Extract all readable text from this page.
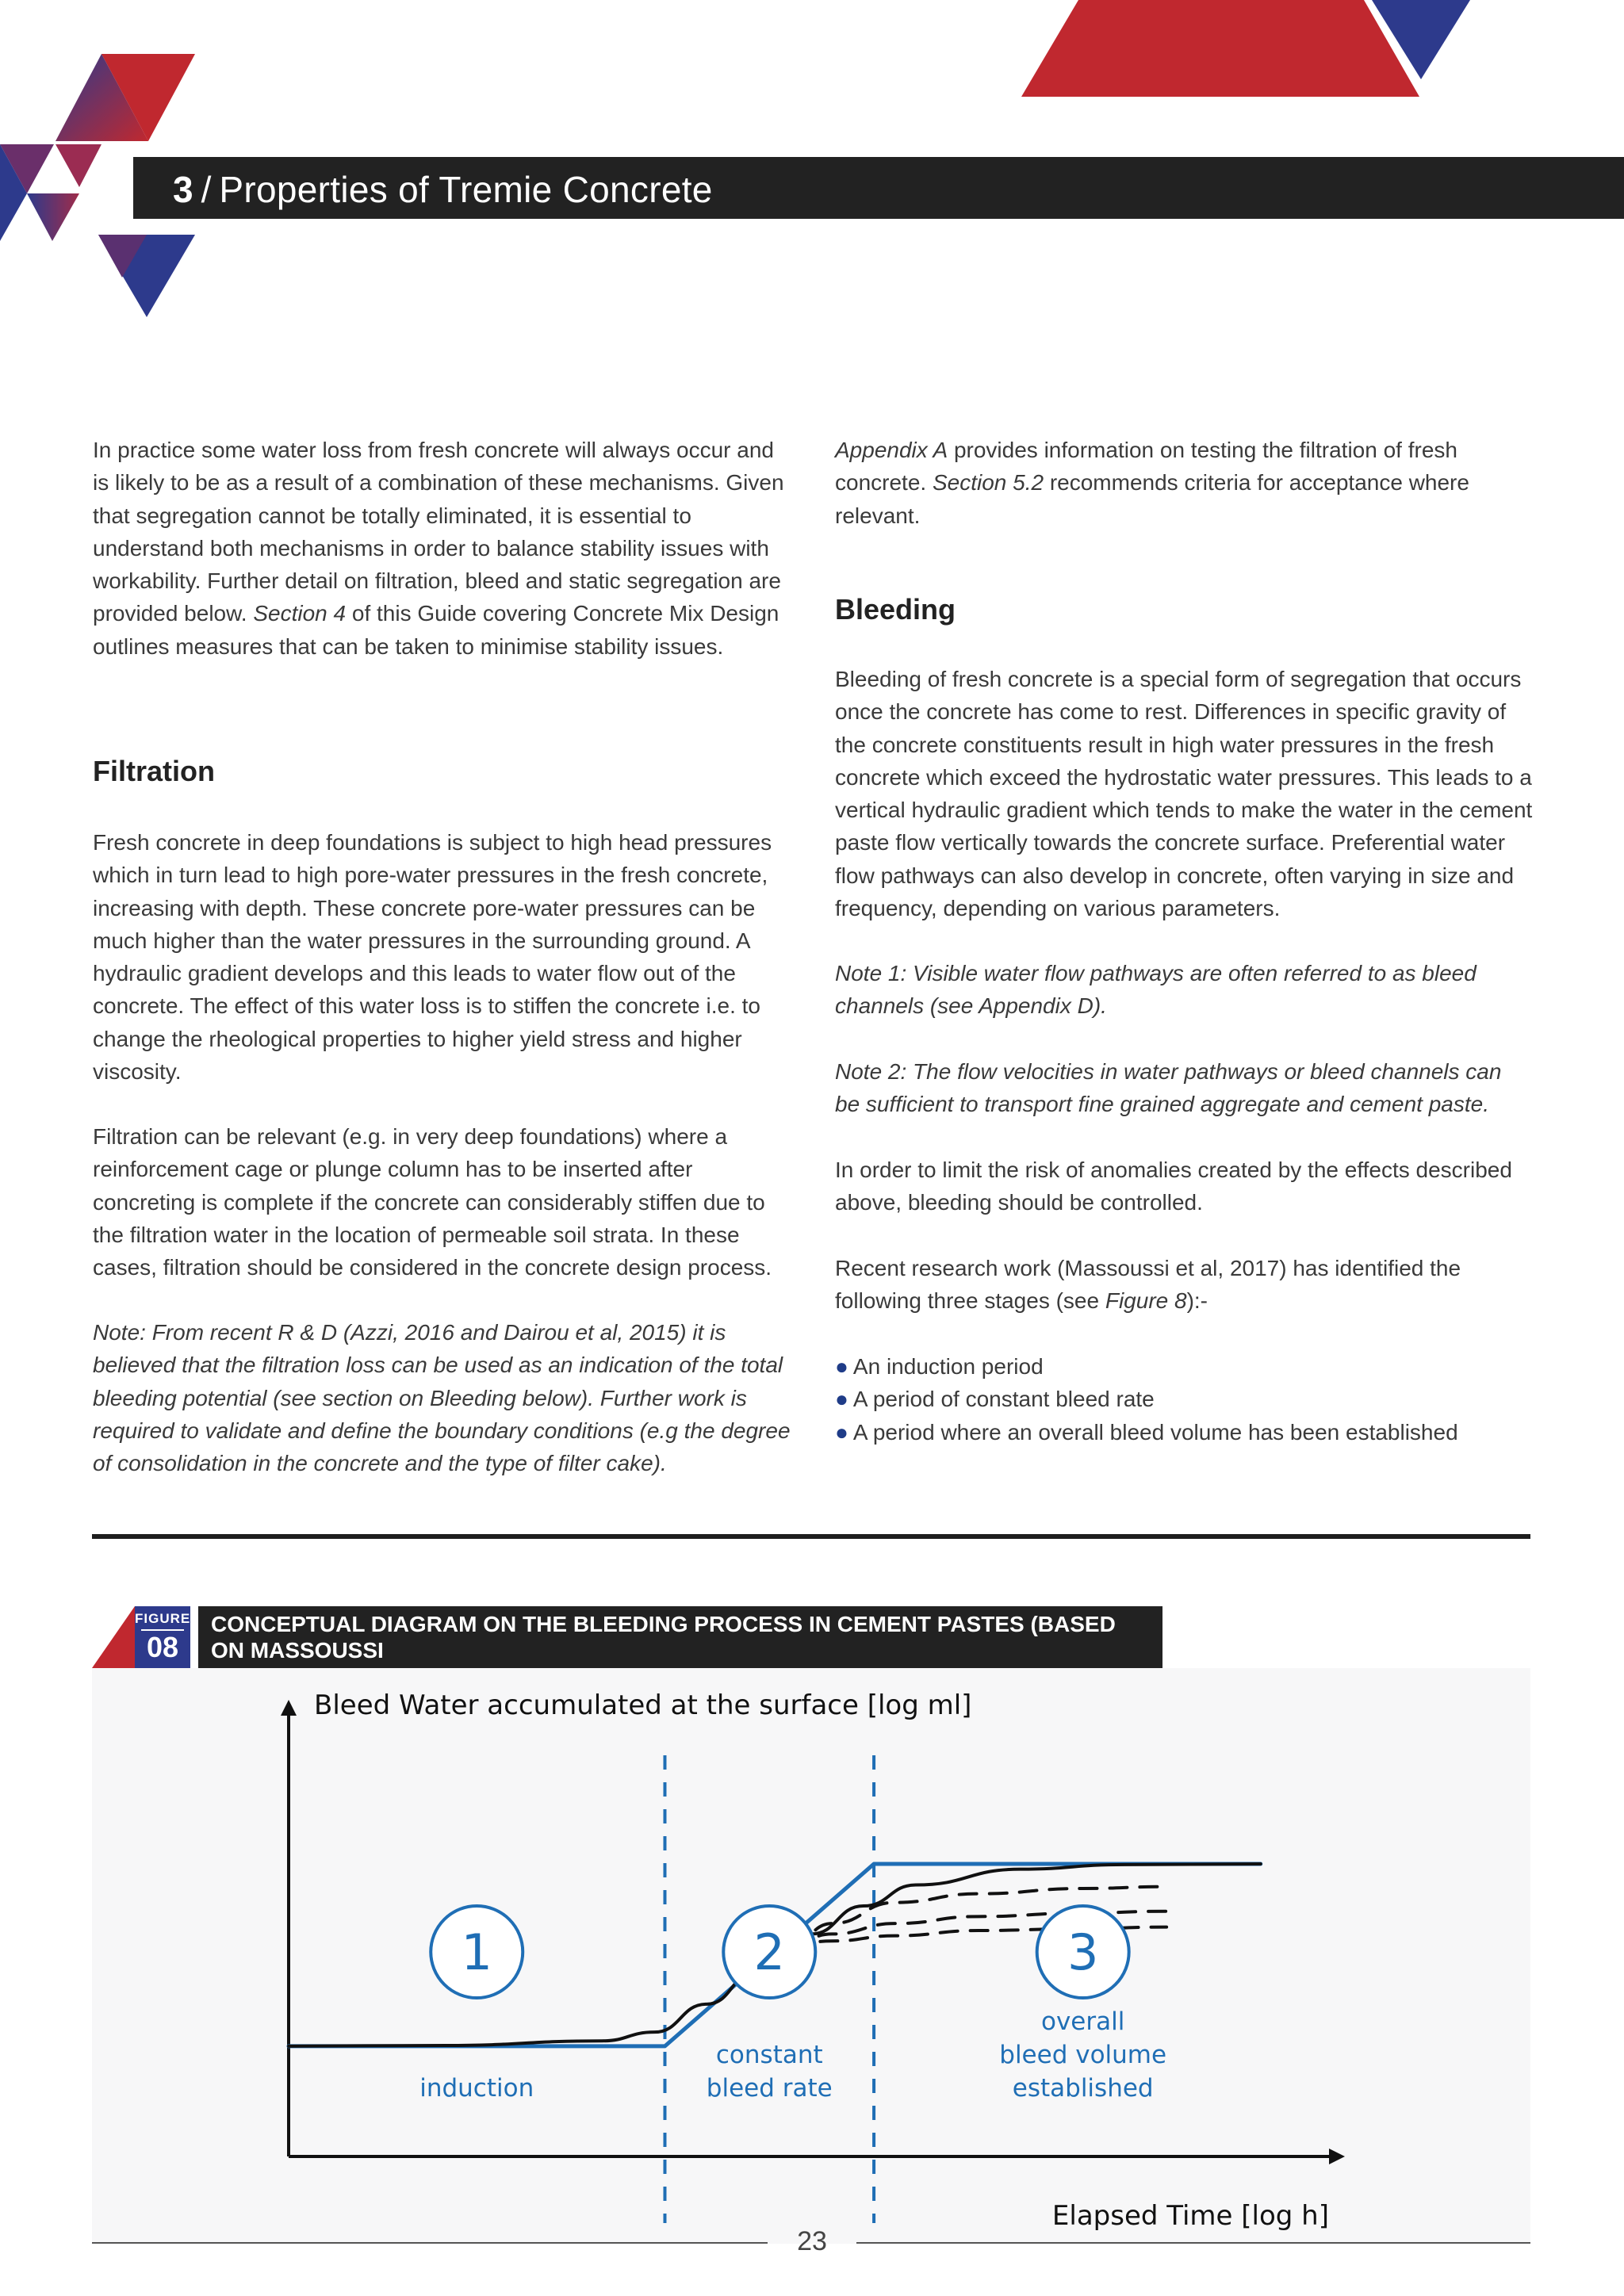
3 / Properties of Tremie Concrete

In practice some water loss from fresh concrete will always occur and is likely to be as a result of a combination of these mechanisms. Given that segregation cannot be totally eliminated, it is essential to understand both mechanisms in order to balance stability issues with workability. Further detail on filtration, bleed and static segregation are provided below. Section 4 of this Guide covering Concrete Mix Design outlines measures that can be taken to minimise stability issues.

Filtration

Fresh concrete in deep foundations is subject to high head pressures which in turn lead to high pore-water pressures in the fresh concrete, increasing with depth. These concrete pore-water pressures can be much higher than the water pressures in the surrounding ground. A hydraulic gradient develops and this leads to water flow out of the concrete. The effect of this water loss is to stiffen the concrete i.e. to change the rheological properties to higher yield stress and higher viscosity.

Filtration can be relevant (e.g. in very deep foundations) where a reinforcement cage or plunge column has to be inserted after concreting is complete if the concrete can considerably stiffen due to the filtration water in the location of permeable soil strata. In these cases, filtration should be considered in the concrete design process.

Note: From recent R & D (Azzi, 2016 and Dairou et al, 2015) it is believed that the filtration loss can be used as an indication of the total bleeding potential (see section on Bleeding below). Further work is required to validate and define the boundary conditions (e.g the degree of consolidation in the concrete and the type of filter cake).

Appendix A provides information on testing the filtration of fresh concrete. Section 5.2 recommends criteria for acceptance where relevant.

Bleeding

Bleeding of fresh concrete is a special form of segregation that occurs once the concrete has come to rest. Differences in specific gravity of the concrete constituents result in high water pressures in the fresh concrete which exceed the hydrostatic water pressures. This leads to a vertical hydraulic gradient which tends to make the water in the cement paste flow vertically towards the concrete surface. Preferential water flow pathways can also develop in concrete, often varying in size and frequency, depending on various parameters.

Note 1: Visible water flow pathways are often referred to as bleed channels (see Appendix D).

Note 2: The flow velocities in water pathways or bleed channels can be sufficient to transport fine grained aggregate and cement paste.

In order to limit the risk of anomalies created by the effects described above, bleeding should be controlled.

Recent research work (Massoussi et al, 2017) has identified the following three stages (see Figure 8):-

● An induction period
● A period of constant bleed rate
● A period where an overall bleed volume has been established
FIGURE
08
CONCEPTUAL DIAGRAM ON THE BLEEDING PROCESS IN CEMENT PASTES (BASED ON MASSOUSSI
Bleed Water accumulated at the surface [log ml]
Elapsed Time [log h]
1
induction
2
constant
bleed rate
3
overall
bleed volume
established
23
